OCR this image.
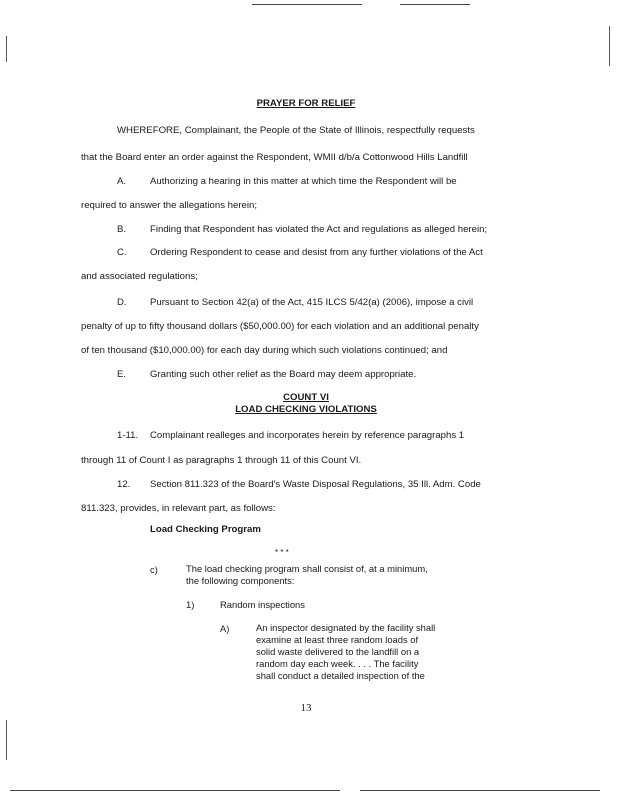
PRAYER FOR RELIEF
WHEREFORE, Complainant, the People of the State of Illinois, respectfully requests
that the Board enter an order against the Respondent, WMII d/b/a Cottonwood Hills Landfill
A. Authorizing a hearing in this matter at which time the Respondent will be
required to answer the allegations herein;
B. Finding that Respondent has violated the Act and regulations as alleged herein;
C. Ordering Respondent to cease and desist from any further violations of the Act
and associated regulations;
D. Pursuant to Section 42(a) of the Act, 415 ILCS 5/42(a) (2006), impose a civil
penalty of up to fifty thousand dollars ($50,000.00) for each violation and an additional penalty
of ten thousand ($10,000.00) for each day during which such violations continued; and
E. Granting such other relief as the Board may deem appropriate.
COUNT VI
LOAD CHECKING VIOLATIONS
1-11. Complainant realleges and incorporates herein by reference paragraphs 1
through 11 of Count I as paragraphs 1 through 11 of this Count VI.
12. Section 811.323 of the Board's Waste Disposal Regulations, 35 Ill. Adm. Code
811.323, provides, in relevant part, as follows:
Load Checking Program
* * *
c)	The load checking program shall consist of, at a minimum,
the following components:
1)	Random inspections
A)	An inspector designated by the facility shall
examine at least three random loads of
solid waste delivered to the landfill on a
random day each week. . . . The facility
shall conduct a detailed inspection of the
13
